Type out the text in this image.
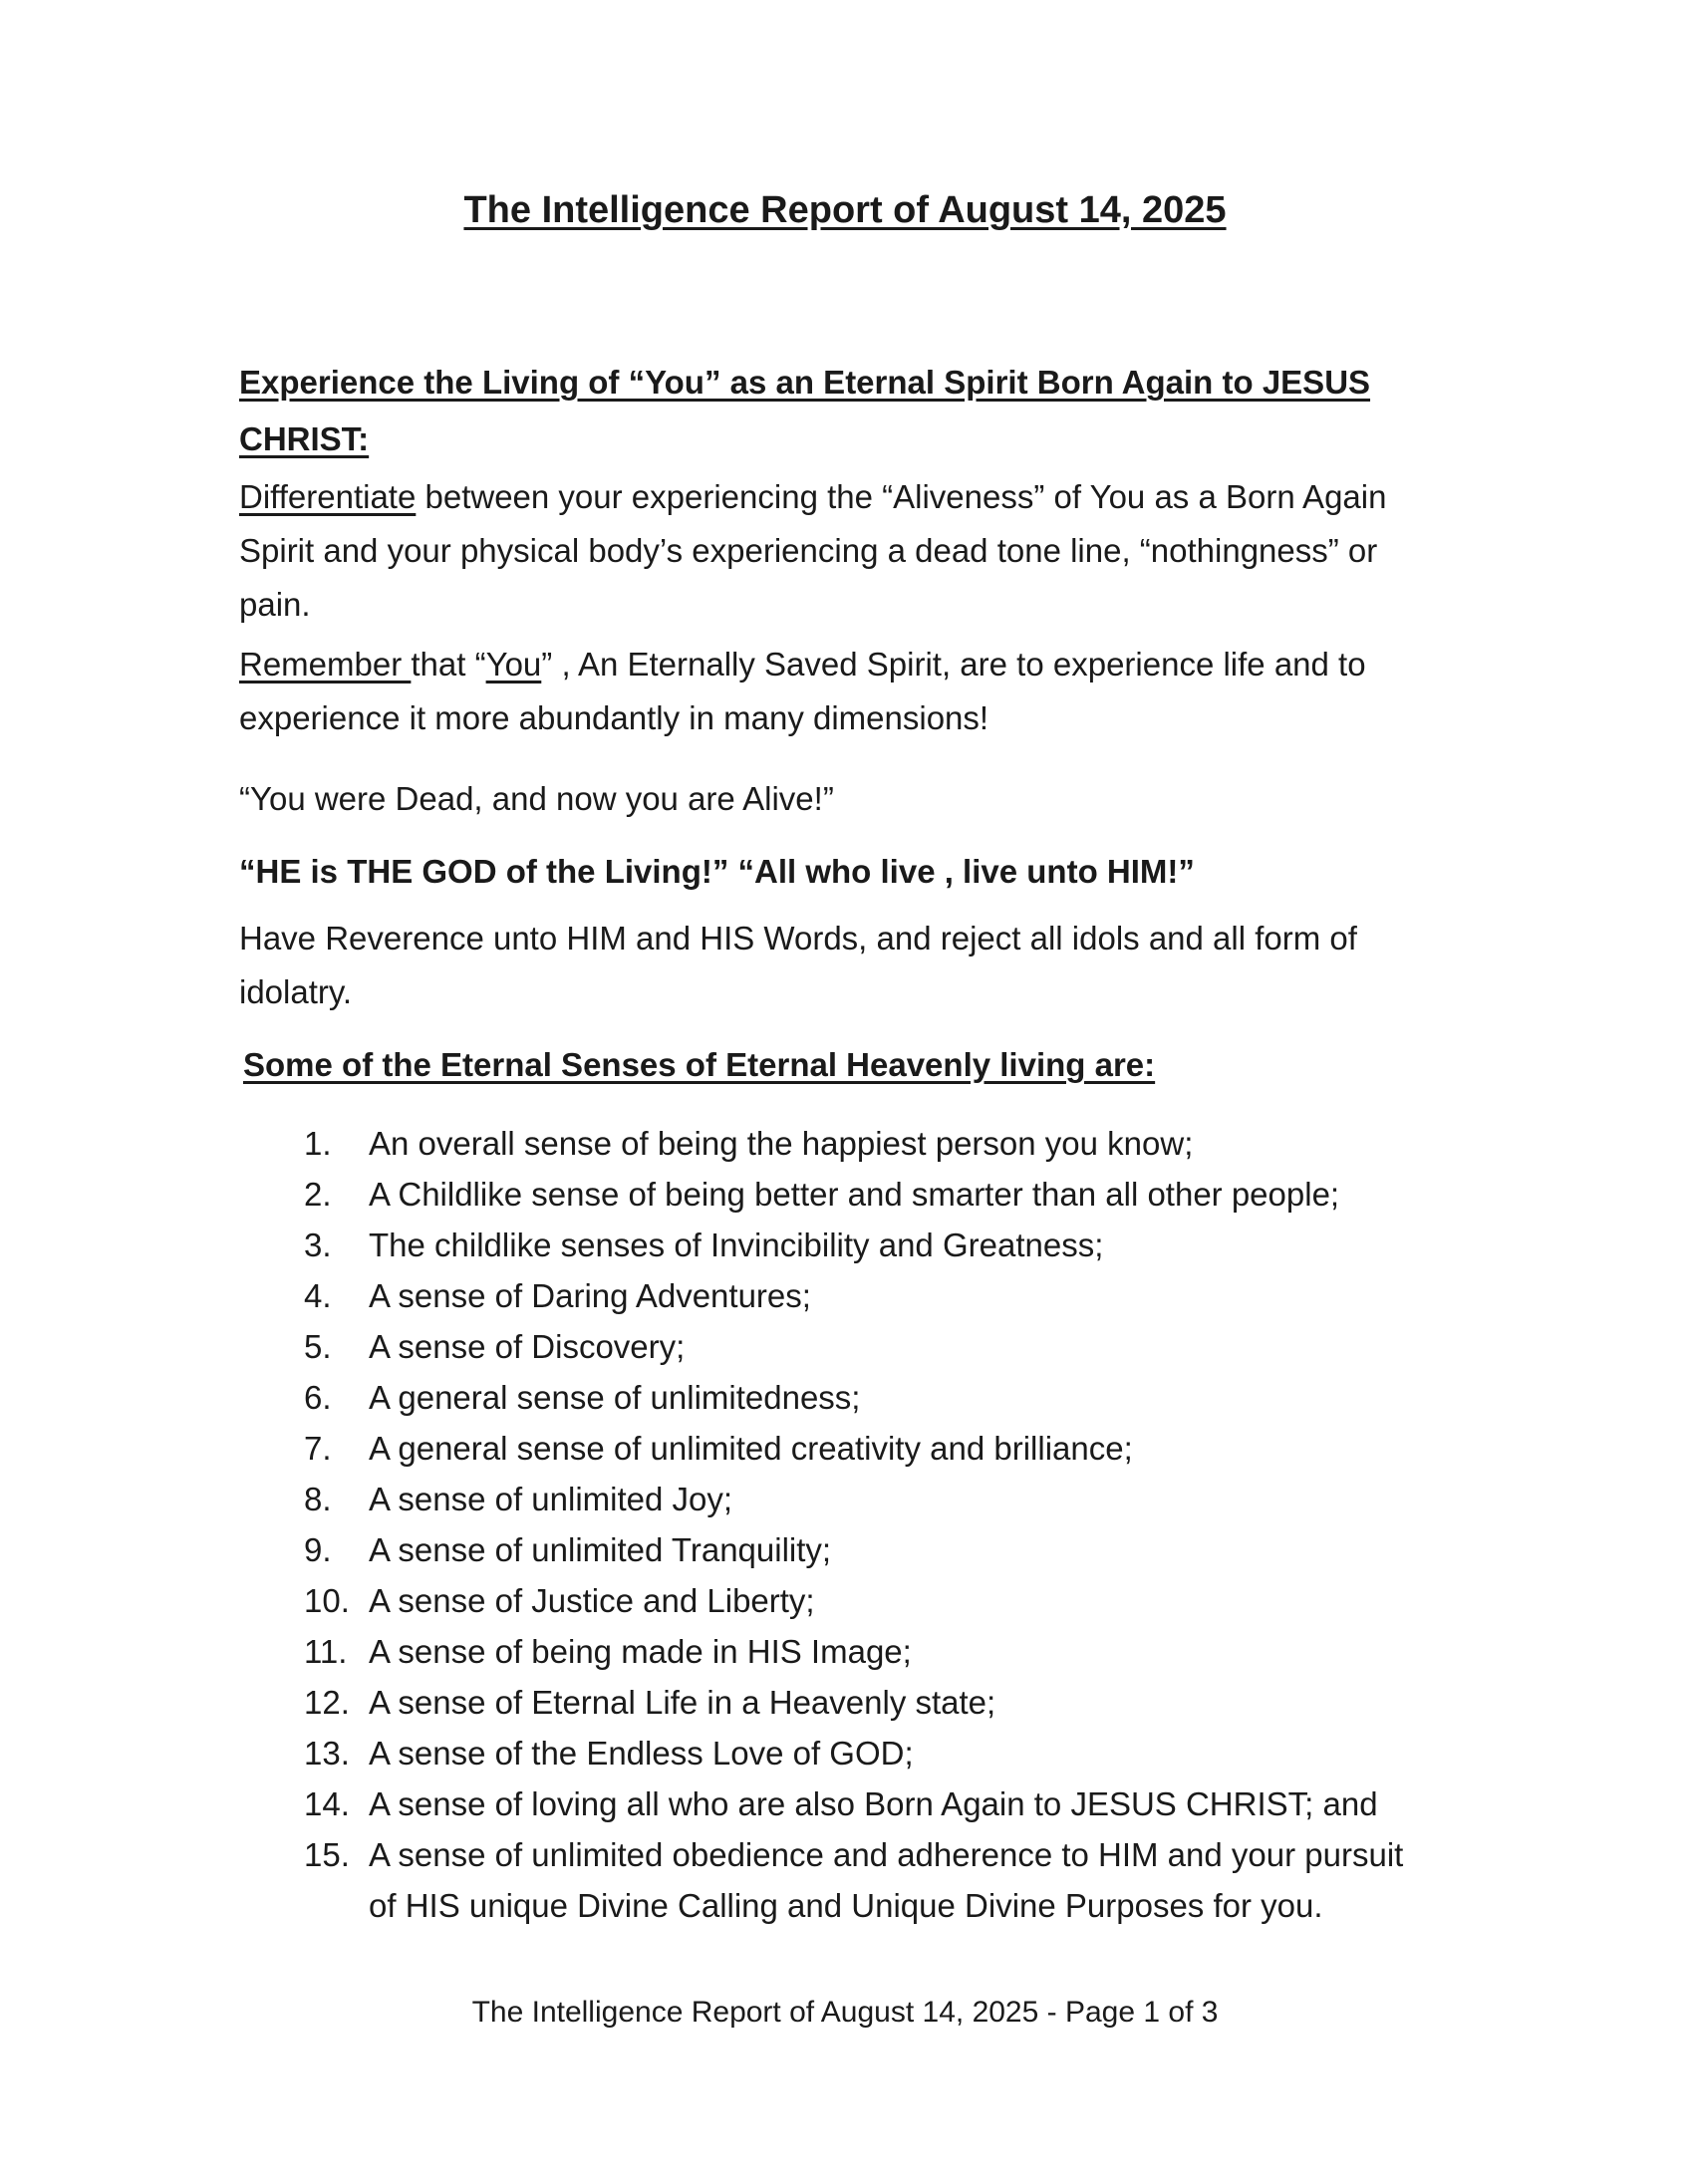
The Intelligence Report of August 14, 2025
Experience the Living of “You” as an Eternal Spirit Born Again to JESUS CHRIST:

Differentiate between your experiencing the “Aliveness” of You as a Born Again Spirit and your physical body’s experiencing a dead tone line, “nothingness” or pain.

Remember that “You” , An Eternally Saved Spirit, are to experience life and to experience it more abundantly in many dimensions!

“You were Dead, and now you are Alive!”

“HE is THE GOD of the Living!” “All who live , live unto HIM!”

Have Reverence unto HIM and HIS Words, and reject all idols and all form of idolatry.

Some of the Eternal Senses of Eternal Heavenly living are:
1.	An overall sense of being the happiest person you know;
2.	A Childlike sense of being better and smarter than all other people;
3.	The childlike senses of Invincibility and Greatness;
4.	A sense of Daring Adventures;
5.	A sense of Discovery;
6.	A general sense of unlimitedness;
7.	A general sense of unlimited creativity and brilliance;
8.	A sense of unlimited Joy;
9.	A sense of unlimited Tranquility;
10. A sense of Justice and Liberty;
11. A sense of being made in HIS Image;
12. A sense of Eternal Life in a Heavenly state;
13. A sense of the Endless Love of GOD;
14. A sense of loving all who are also Born Again to JESUS CHRIST; and
15. A sense of unlimited obedience and adherence to HIM and your pursuit of HIS unique Divine Calling and Unique Divine Purposes for you.

The Intelligence Report of August 14, 2025 - Page 1 of 3
